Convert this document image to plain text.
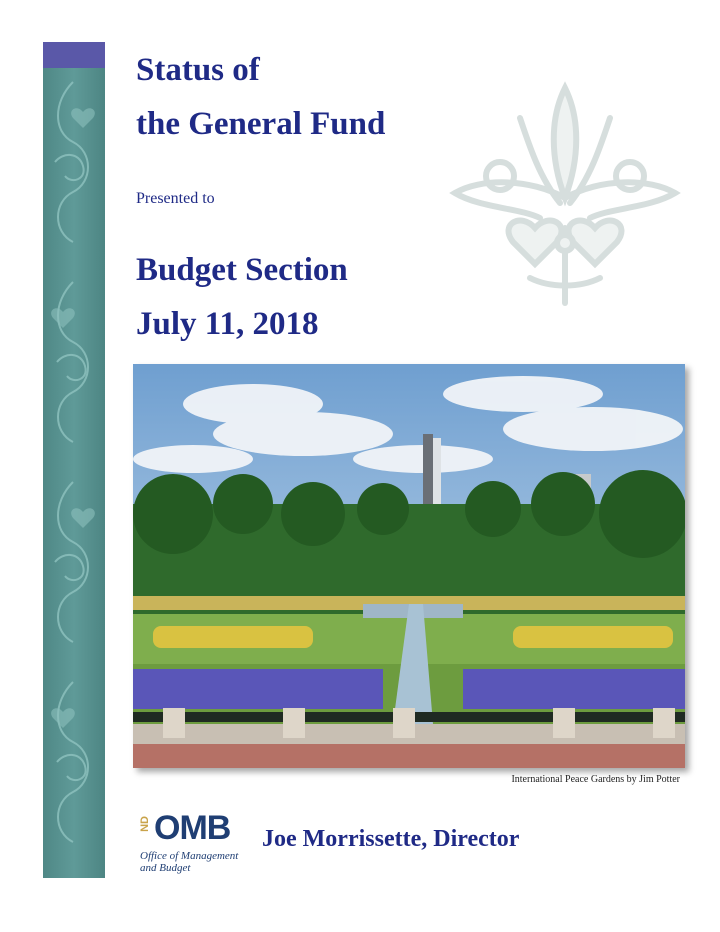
Status of
the General Fund

Presented to

Budget Section
July 11, 2018
International Peace Gardens by Jim Potter
ND OMB
Office of Management
and Budget

Joe Morrissette, Director
